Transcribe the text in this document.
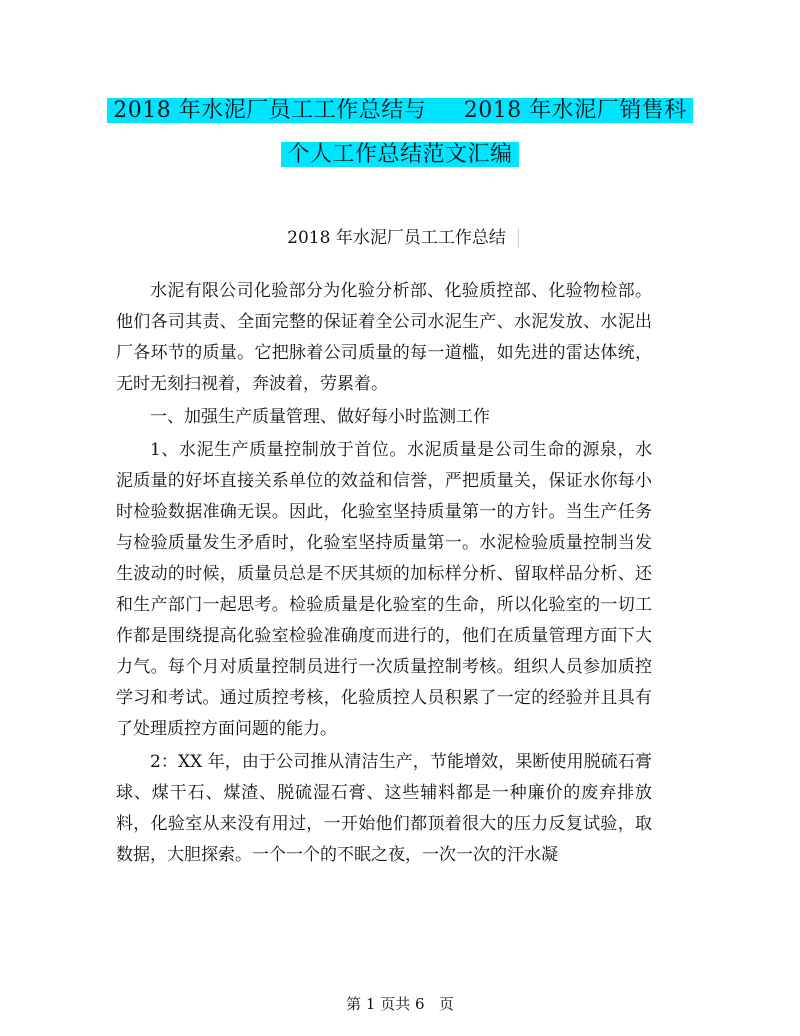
2018 年水泥厂员工工作总结与     2018 年水泥厂销售科
个人工作总结范文汇编
2018 年水泥厂员工工作总结

水泥有限公司化验部分为化验分析部、化验质控部、化验物检部。他们各司其责、全面完整的保证着全公司水泥生产、水泥发放、水泥出厂各环节的质量。它把脉着公司质量的每一道槛，如先进的雷达体统，无时无刻扫视着，奔波着，劳累着。

一、加强生产质量管理、做好每小时监测工作

1、水泥生产质量控制放于首位。水泥质量是公司生命的源泉，水泥质量的好坏直接关系单位的效益和信誉，严把质量关，保证水你每小时检验数据准确无误。因此，化验室坚持质量第一的方针。当生产任务与检验质量发生矛盾时，化验室坚持质量第一。水泥检验质量控制当发生波动的时候，质量员总是不厌其烦的加标样分析、留取样品分析、还和生产部门一起思考。检验质量是化验室的生命，所以化验室的一切工作都是围绕提高化验室检验准确度而进行的，他们在质量管理方面下大力气。每个月对质量控制员进行一次质量控制考核。组织人员参加质控学习和考试。通过质控考核，化验质控人员积累了一定的经验并且具有了处理质控方面问题的能力。

2：XX 年，由于公司推从清洁生产，节能增效，果断使用脱硫石膏球、煤干石、煤渣、脱硫湿石膏、这些辅料都是一种廉价的废弃排放料，化验室从来没有用过，一开始他们都顶着很大的压力反复试验，取数据，大胆探索。一个一个的不眠之夜，一次一次的汗水凝

第 1 页共 6   页
